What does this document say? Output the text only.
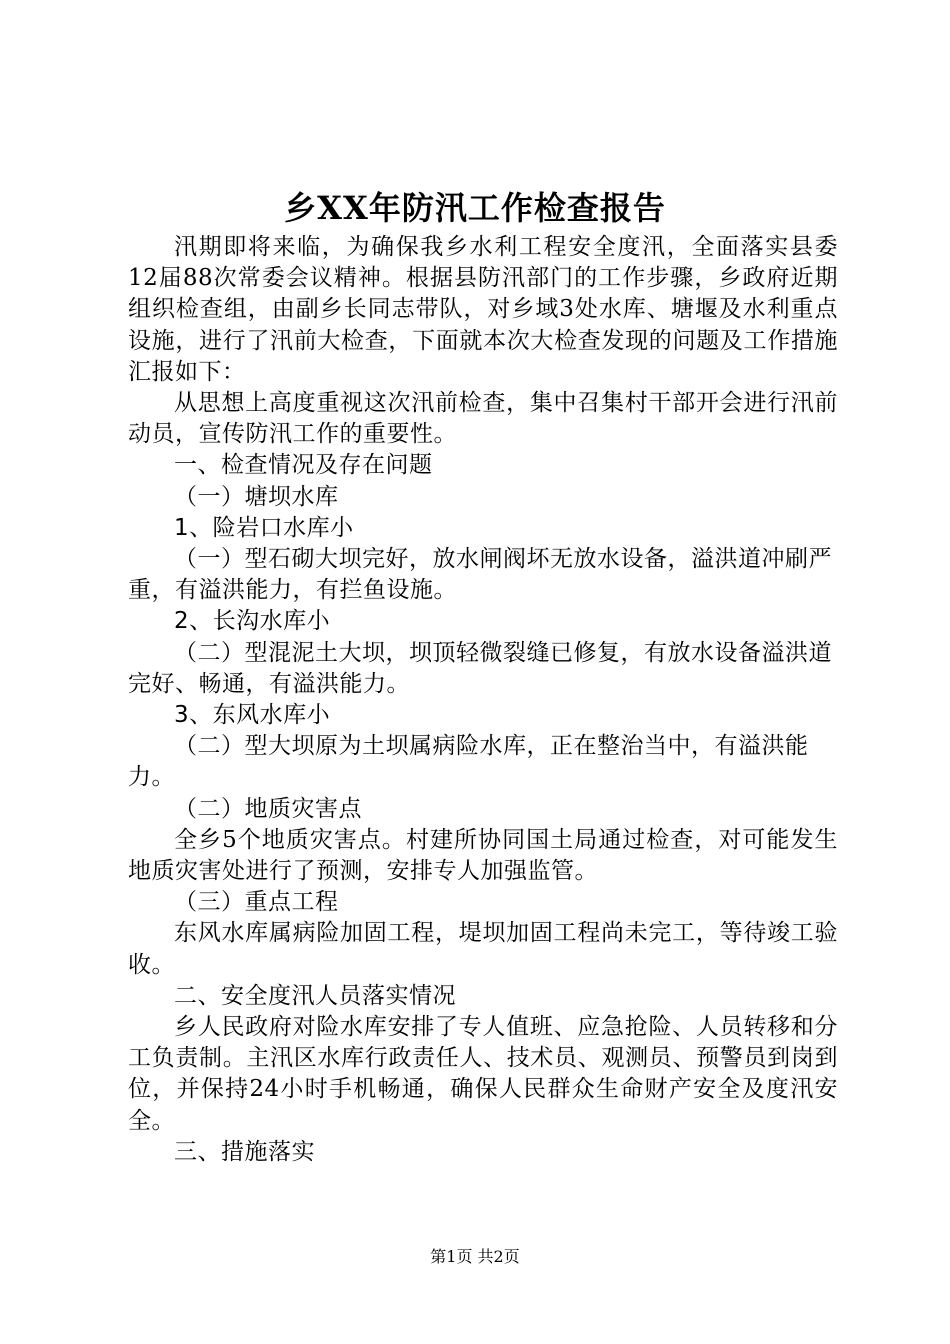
乡XX年防汛工作检查报告

汛期即将来临，为确保我乡水利工程安全度汛，全面落实县委12届88次常委会议精神。根据县防汛部门的工作步骤，乡政府近期组织检查组，由副乡长同志带队，对乡域3处水库、塘堰及水利重点设施，进行了汛前大检查，下面就本次大检查发现的问题及工作措施汇报如下：

从思想上高度重视这次汛前检查，集中召集村干部开会进行汛前动员，宣传防汛工作的重要性。

一、检查情况及存在问题

（一）塘坝水库

1、险岩口水库小

（一）型石砌大坝完好，放水闸阀坏无放水设备，溢洪道冲刷严重，有溢洪能力，有拦鱼设施。

2、长沟水库小

（二）型混泥土大坝，坝顶轻微裂缝已修复，有放水设备溢洪道完好、畅通，有溢洪能力。

3、东风水库小

（二）型大坝原为土坝属病险水库，正在整治当中，有溢洪能力。

（二）地质灾害点

全乡5个地质灾害点。村建所协同国土局通过检查，对可能发生地质灾害处进行了预测，安排专人加强监管。

（三）重点工程

东风水库属病险加固工程，堤坝加固工程尚未完工，等待竣工验收。

二、安全度汛人员落实情况

乡人民政府对险水库安排了专人值班、应急抢险、人员转移和分工负责制。主汛区水库行政责任人、技术员、观测员、预警员到岗到位，并保持24小时手机畅通，确保人民群众生命财产安全及度汛安全。

三、措施落实

第1页 共2页
